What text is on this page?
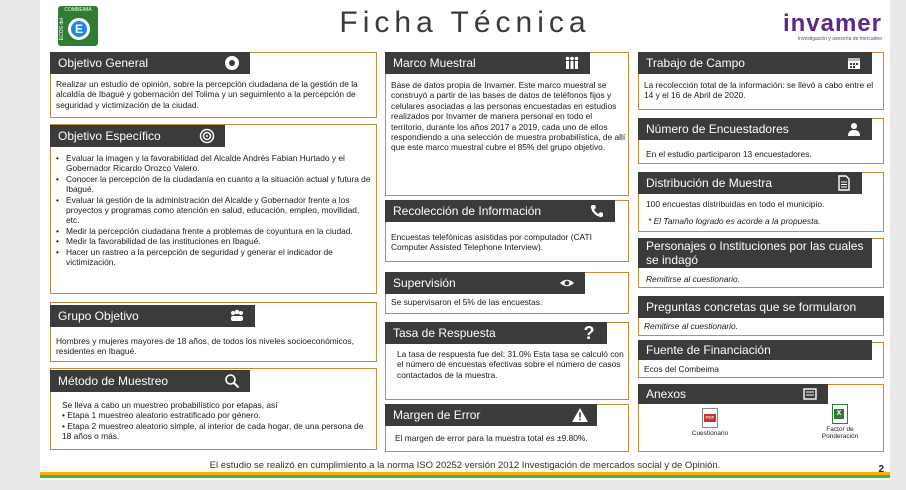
COMBEIMA
ECOS del E	Ficha Técnica	invamer
Investigación y asesoría de mercadeo
Objetivo General
Realizar un estudio de opinión, sobre la percepción ciudadana de la gestión de la alcaldía de Ibagué y gobernación del Tolima y un seguimiento a la percepción de seguridad y victimización de la ciudad.
Objetivo Específico
• Evaluar la imagen y la favorabilidad del Alcalde Andrés Fabian Hurtado y el Gobernador Ricardo Orozco Valero.
• Conocer la percepción de la ciudadanía en cuanto a la situación actual y futura de Ibagué.
• Evaluar la gestión de la administración del Alcalde y Gobernador frente a los proyectos y programas como atención en salud, educación, empleo, movilidad, etc.
• Medir la percepción ciudadana frente a problemas de coyuntura en la ciudad.
• Medir la favorabilidad de las instituciones en Ibagué.
• Hacer un rastreo a la percepción de seguridad y generar el indicador de victimización.
Grupo Objetivo
Hombres y mujeres mayores de 18 años, de todos los niveles socioeconómicos, residentes en Ibagué.
Método de Muestreo
Se lleva a cabo un muestreo probabilístico por etapas, así
• Etapa 1 muestreo aleatorio estratificado por género.
• Etapa 2 muestreo aleatorio simple, al interior de cada hogar, de una persona de 18 años o más.
Marco Muestral
Base de datos propia de Invamer. Este marco muestral se construyó a partir de las bases de datos de teléfonos fijos y celulares asociadas a las personas encuestadas en estudios realizados por Invamer de manera personal en todo el territorio, durante los años 2017 a 2019, cada uno de ellos respondiendo a una selección de muestra probabilística, de allí que este marco muestral cubre el 85% del grupo objetivo.
Recolección de Información
Encuestas telefónicas asistidas por computador (CATI Computer Assisted Telephone Interview).
Supervisión
Se supervisaron el 5% de las encuestas.
Tasa de Respuesta	?
La tasa de respuesta fue del: 31.0% Esta tasa se calculó con el número de encuestas efectivas sobre el número de casos contactados de la muestra.
Margen de Error
El margen de error para la muestra total es ±9.80%.
Trabajo de Campo
La recolección total de la información: se llevó a cabo entre el 14 y el 16 de Abril de 2020.
Número de Encuestadores
En el estudio participaron 13 encuestadores.
Distribución de Muestra
100 encuestas distribuidas en todo el municipio.
* El Tamaño logrado es acorde a la propuesta.
Personajes o Instituciones por las cuales se indagó
Remitirse al cuestionario.
Preguntas concretas que se formularon
Remitirse al cuestionario.
Fuente de Financiación
Ecos del Combeima
Anexos
PDF
Cuestionario
X
Factor de Ponderación
El estudio se realizó en cumplimiento a la norma ISO 20252 versión 2012 Investigación de mercados social y de Opinión.	2
